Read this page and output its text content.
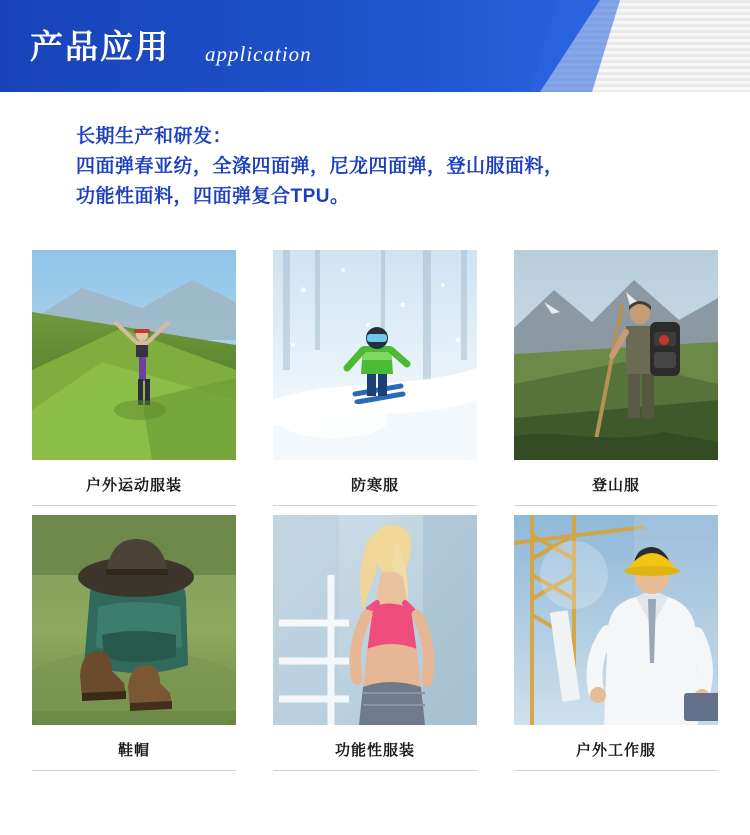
产品应用 application
长期生产和研发：
四面弹春亚纺，全涤四面弹，尼龙四面弹，登山服面料，
功能性面料，四面弹复合TPU。
户外运动服装	防寒服	登山服
鞋帽	功能性服装	户外工作服
